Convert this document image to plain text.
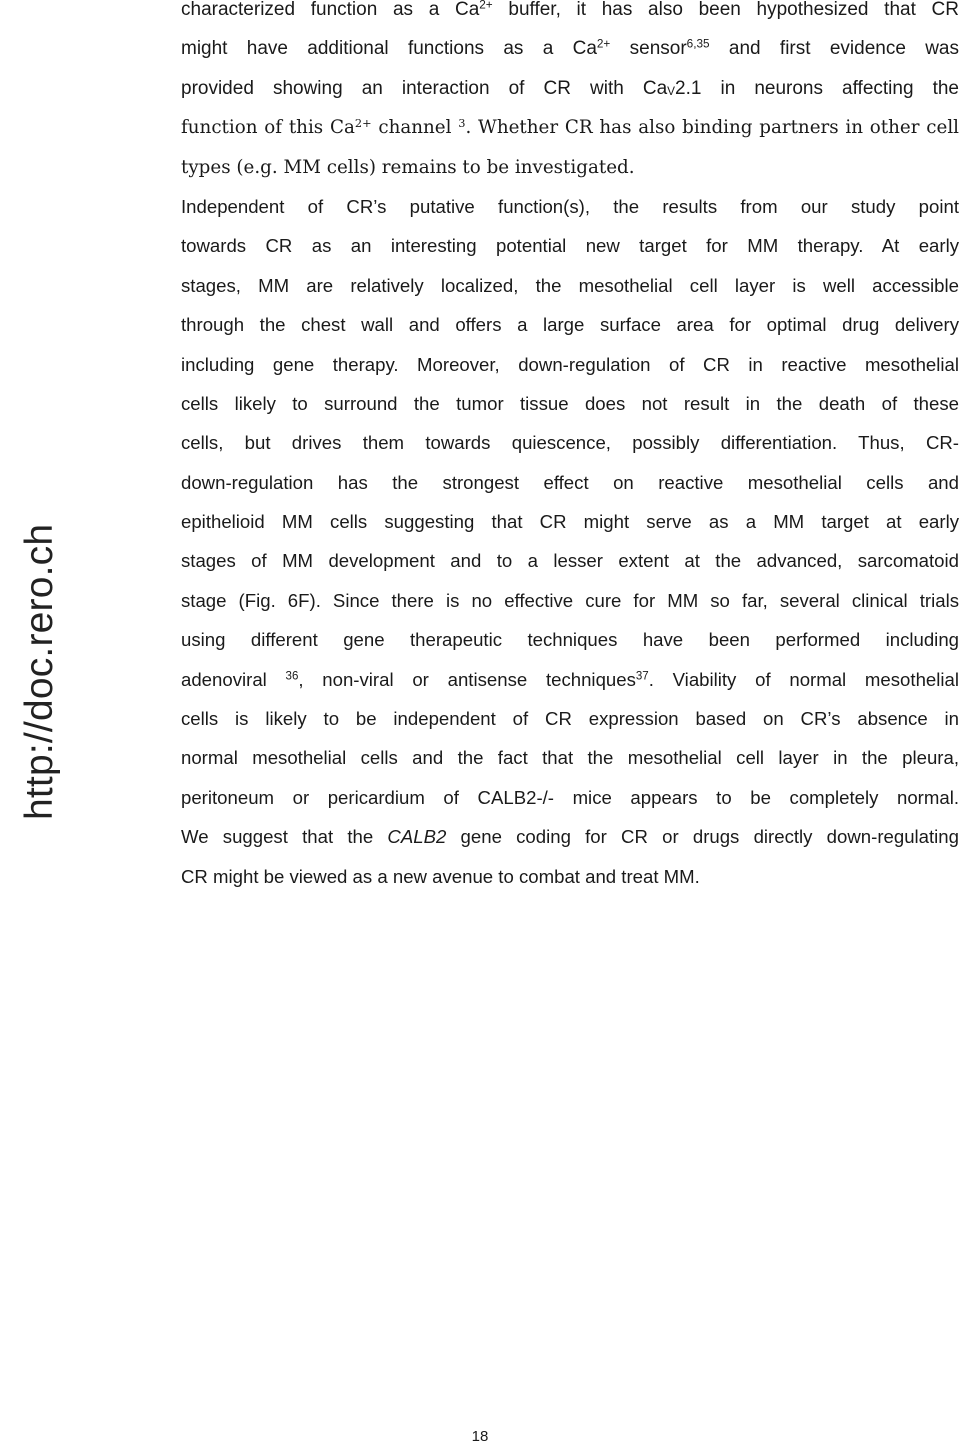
http://doc.rero.ch
characterized function as a $Ca^{2+}$ buffer, it has also been hypothesized that CR
might have additional functions as a $Ca^{2+}$ sensor$^{6,35}$ and first evidence was
provided showing an interaction of CR with $Ca_V2.1$ in neurons affecting the
function of this $Ca^{2+}$ channel $^3$. Whether CR has also binding partners in other cell
types (e.g. MM cells) remains to be investigated.
Independent of CR’s putative function(s), the results from our study point
towards CR as an interesting potential new target for MM therapy. At early
stages, MM are relatively localized, the mesothelial cell layer is well accessible
through the chest wall and offers a large surface area for optimal drug delivery
including gene therapy. Moreover, down-regulation of CR in reactive mesothelial
cells likely to surround the tumor tissue does not result in the death of these
cells, but drives them towards quiescence, possibly differentiation. Thus, CR-
down-regulation has the strongest effect on reactive mesothelial cells and
epithelioid MM cells suggesting that CR might serve as a MM target at early
stages of MM development and to a lesser extent at the advanced, sarcomatoid
stage (Fig. 6F). Since there is no effective cure for MM so far, several clinical trials
using different gene therapeutic techniques have been performed including
adenoviral $^{36}$, non-viral or antisense techniques$^{37}$. Viability of normal mesothelial
cells is likely to be independent of CR expression based on CR’s absence in
normal mesothelial cells and the fact that the mesothelial cell layer in the pleura,
peritoneum or pericardium of CALB2-/- mice appears to be completely normal.
We suggest that the CALB2 gene coding for CR or drugs directly down-regulating
CR might be viewed as a new avenue to combat and treat MM.
18
